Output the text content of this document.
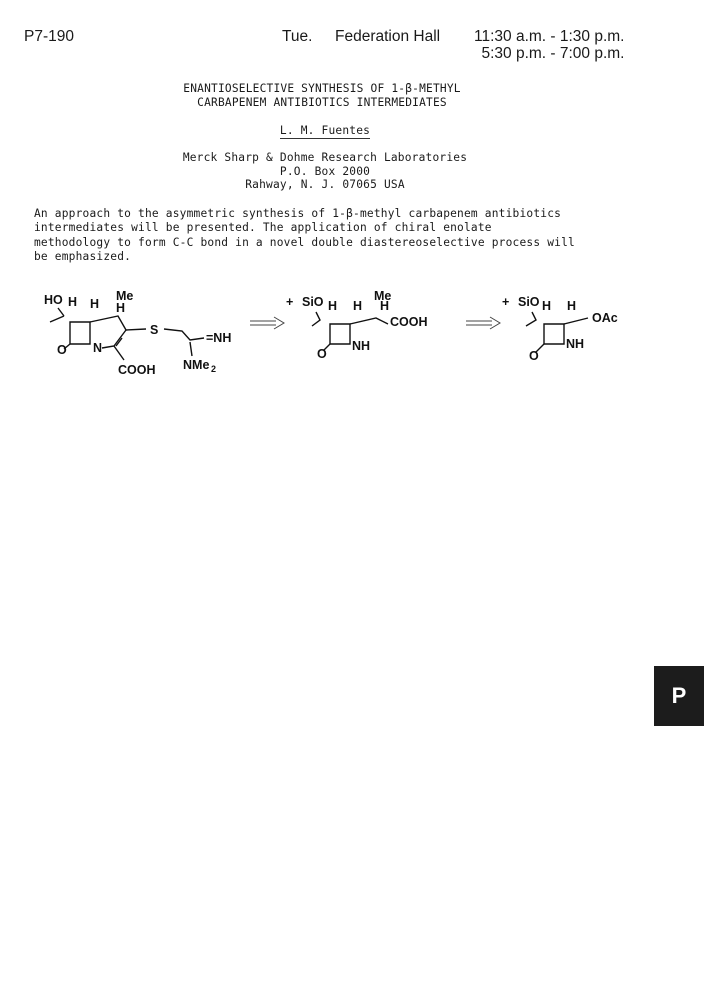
P7-190	Tue. Federation Hall 11:30 a.m. - 1:30 p.m.
5:30 p.m. - 7:00 p.m.
ENANTIOSELECTIVE SYNTHESIS OF 1-β-METHYL
CARBAPENEM ANTIBIOTICS INTERMEDIATES
L. M. Fuentes
Merck Sharp & Dohme Research Laboratories
P.O. Box 2000
Rahway, N. J. 07065 USA

An approach to the asymmetric synthesis of 1-β-methyl carbapenem antibiotics

intermediates will be presented. The application of chiral enolate

methodology to form C-C bond in a novel double diastereoselective process will

be emphasized.

HO H H
Me
H
N
S
O
COOH
=NH
NMe 2
+ SiO H H
Me
H
COOH
O
NH
+ SiO H H
OAc
O
NH
P
